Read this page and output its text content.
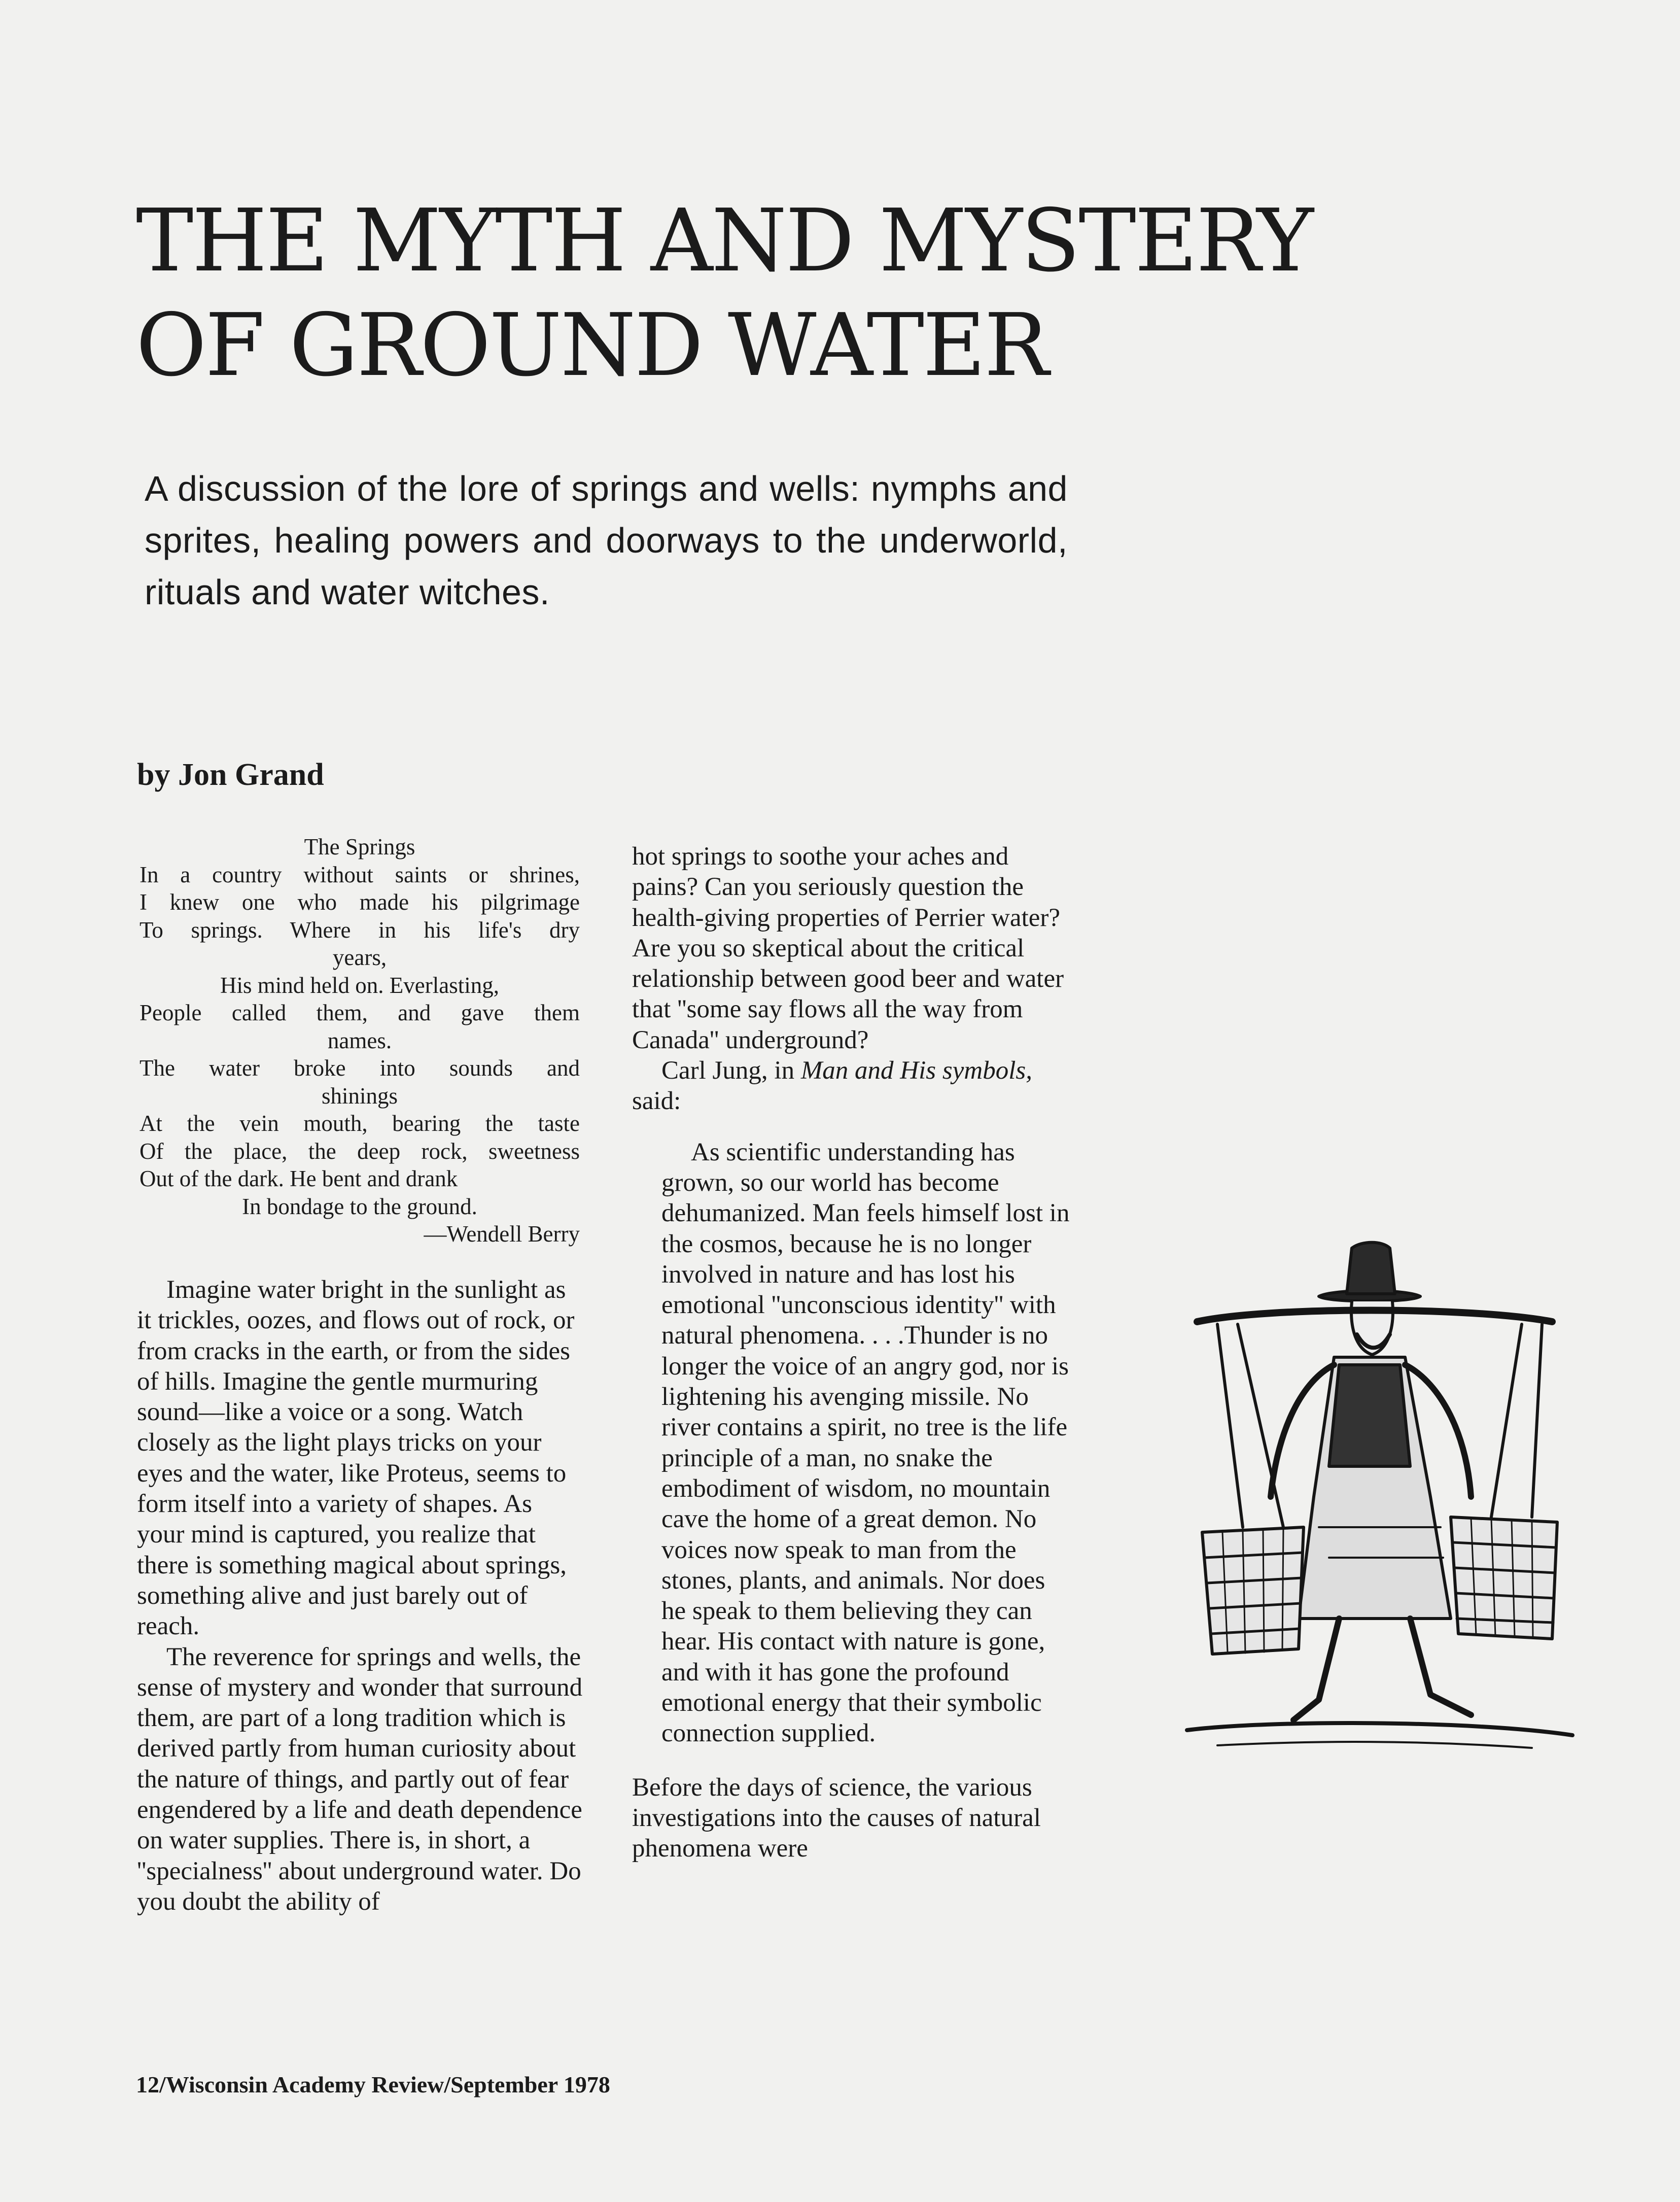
THE MYTH AND MYSTERY
OF GROUND WATER

A discussion of the lore of springs and wells: nymphs and sprites, healing powers and doorways to the underworld, rituals and water witches.

by Jon Grand

The Springs
In a country without saints or shrines,
I knew one who made his pilgrimage
To springs. Where in his life's dry
years,
His mind held on. Everlasting,
People called them, and gave them
names.
The water broke into sounds and
shinings
At the vein mouth, bearing the taste
Of the place, the deep rock, sweetness
Out of the dark. He bent and drank
In bondage to the ground.
—Wendell Berry

Imagine water bright in the sunlight as it trickles, oozes, and flows out of rock, or from cracks in the earth, or from the sides of hills. Imagine the gentle murmuring sound—like a voice or a song. Watch closely as the light plays tricks on your eyes and the water, like Proteus, seems to form itself into a variety of shapes. As your mind is captured, you realize that there is something magical about springs, something alive and just barely out of reach.

The reverence for springs and wells, the sense of mystery and wonder that surround them, are part of a long tradition which is derived partly from human curiosity about the nature of things, and partly out of fear engendered by a life and death dependence on water supplies. There is, in short, a ''specialness'' about underground water. Do you doubt the ability of

hot springs to soothe your aches and pains? Can you seriously question the health-giving properties of Perrier water? Are you so skeptical about the critical relationship between good beer and water that ''some say flows all the way from Canada'' underground?

Carl Jung, in Man and His symbols, said:

As scientific understanding has grown, so our world has become dehumanized. Man feels himself lost in the cosmos, because he is no longer involved in nature and has lost his emotional ''unconscious identity'' with natural phenomena. . . .Thunder is no longer the voice of an angry god, nor is lightening his avenging missile. No river contains a spirit, no tree is the life principle of a man, no snake the embodiment of wisdom, no mountain cave the home of a great demon. No voices now speak to man from the stones, plants, and animals. Nor does he speak to them believing they can hear. His contact with nature is gone, and with it has gone the profound emotional energy that their symbolic connection supplied.

Before the days of science, the various investigations into the causes of natural phenomena were

12/Wisconsin Academy Review/September 1978
